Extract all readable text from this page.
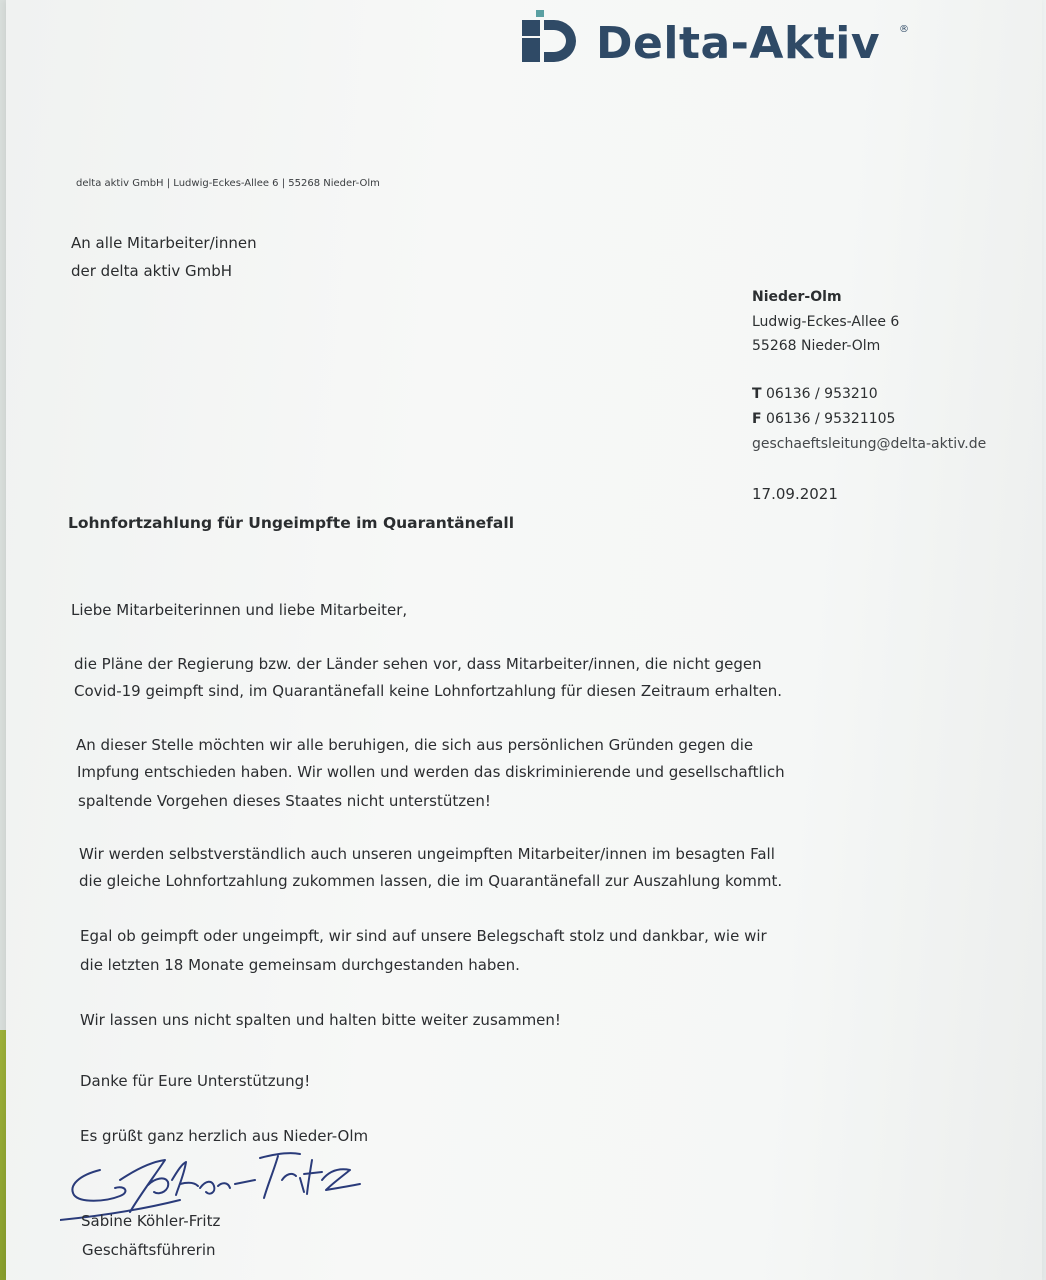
Delta-Aktiv ®
delta aktiv GmbH | Ludwig-Eckes-Allee 6 | 55268 Nieder-Olm
An alle Mitarbeiter/innen
der delta aktiv GmbH
Nieder-Olm
Ludwig-Eckes-Allee 6
55268 Nieder-Olm
T 06136 / 953210
F 06136 / 95321105
geschaeftsleitung@delta-aktiv.de
17.09.2021
Lohnfortzahlung für Ungeimpfte im Quarantänefall
Liebe Mitarbeiterinnen und liebe Mitarbeiter,
die Pläne der Regierung bzw. der Länder sehen vor, dass Mitarbeiter/innen, die nicht gegen
Covid-19 geimpft sind, im Quarantänefall keine Lohnfortzahlung für diesen Zeitraum erhalten.
An dieser Stelle möchten wir alle beruhigen, die sich aus persönlichen Gründen gegen die
Impfung entschieden haben. Wir wollen und werden das diskriminierende und gesellschaftlich
spaltende Vorgehen dieses Staates nicht unterstützen!
Wir werden selbstverständlich auch unseren ungeimpften Mitarbeiter/innen im besagten Fall
die gleiche Lohnfortzahlung zukommen lassen, die im Quarantänefall zur Auszahlung kommt.
Egal ob geimpft oder ungeimpft, wir sind auf unsere Belegschaft stolz und dankbar, wie wir
die letzten 18 Monate gemeinsam durchgestanden haben.
Wir lassen uns nicht spalten und halten bitte weiter zusammen!
Danke für Eure Unterstützung!
Es grüßt ganz herzlich aus Nieder-Olm
Sabine Köhler-Fritz
Geschäftsführerin
